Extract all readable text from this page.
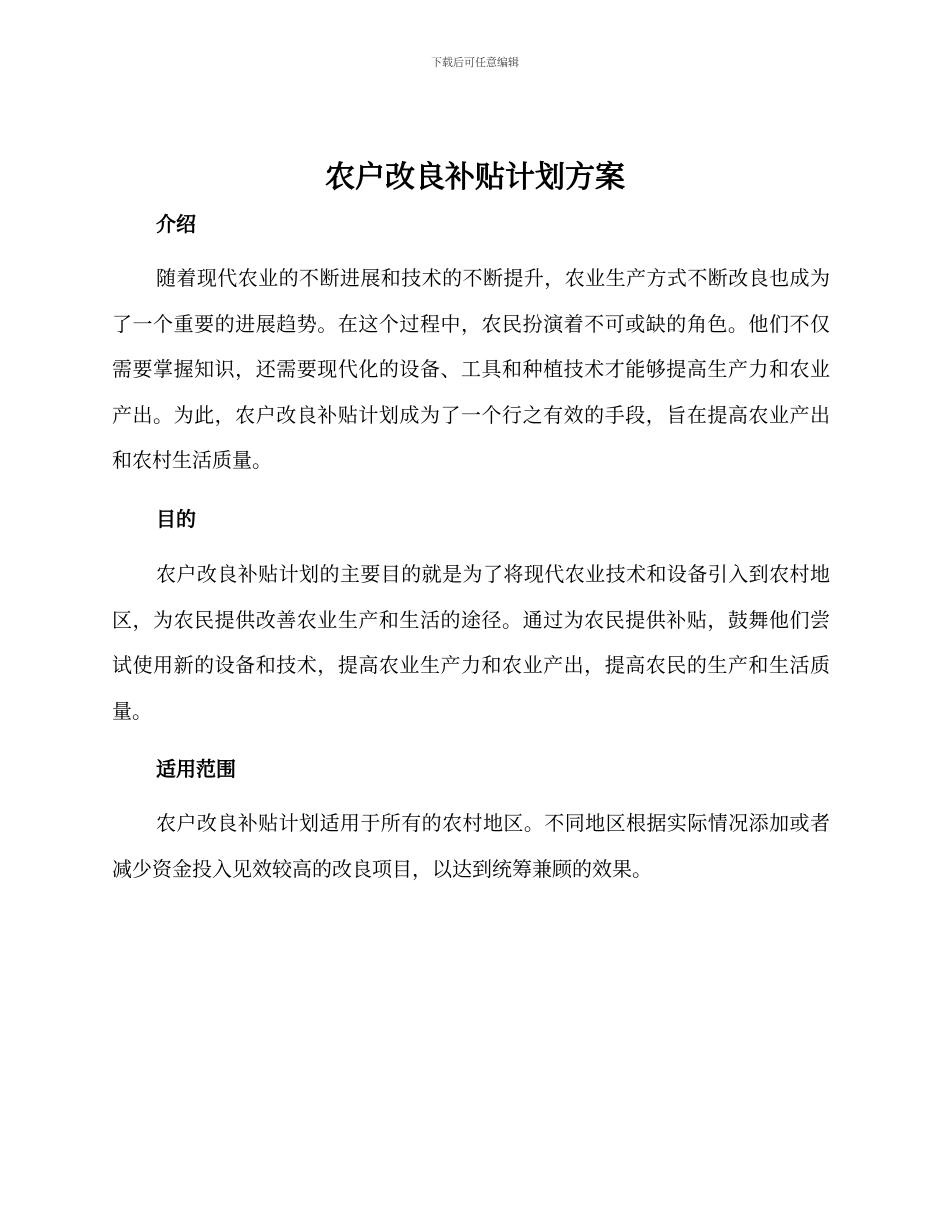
下载后可任意编辑
农户改良补贴计划方案
介绍

随着现代农业的不断进展和技术的不断提升，农业生产方式不断改良也成为了一个重要的进展趋势。在这个过程中，农民扮演着不可或缺的角色。他们不仅需要掌握知识，还需要现代化的设备、工具和种植技术才能够提高生产力和农业产出。为此，农户改良补贴计划成为了一个行之有效的手段，旨在提高农业产出和农村生活质量。

目的

农户改良补贴计划的主要目的就是为了将现代农业技术和设备引入到农村地区，为农民提供改善农业生产和生活的途径。通过为农民提供补贴，鼓舞他们尝试使用新的设备和技术，提高农业生产力和农业产出，提高农民的生产和生活质量。

适用范围

农户改良补贴计划适用于所有的农村地区。不同地区根据实际情况添加或者减少资金投入见效较高的改良项目，以达到统筹兼顾的效果。
